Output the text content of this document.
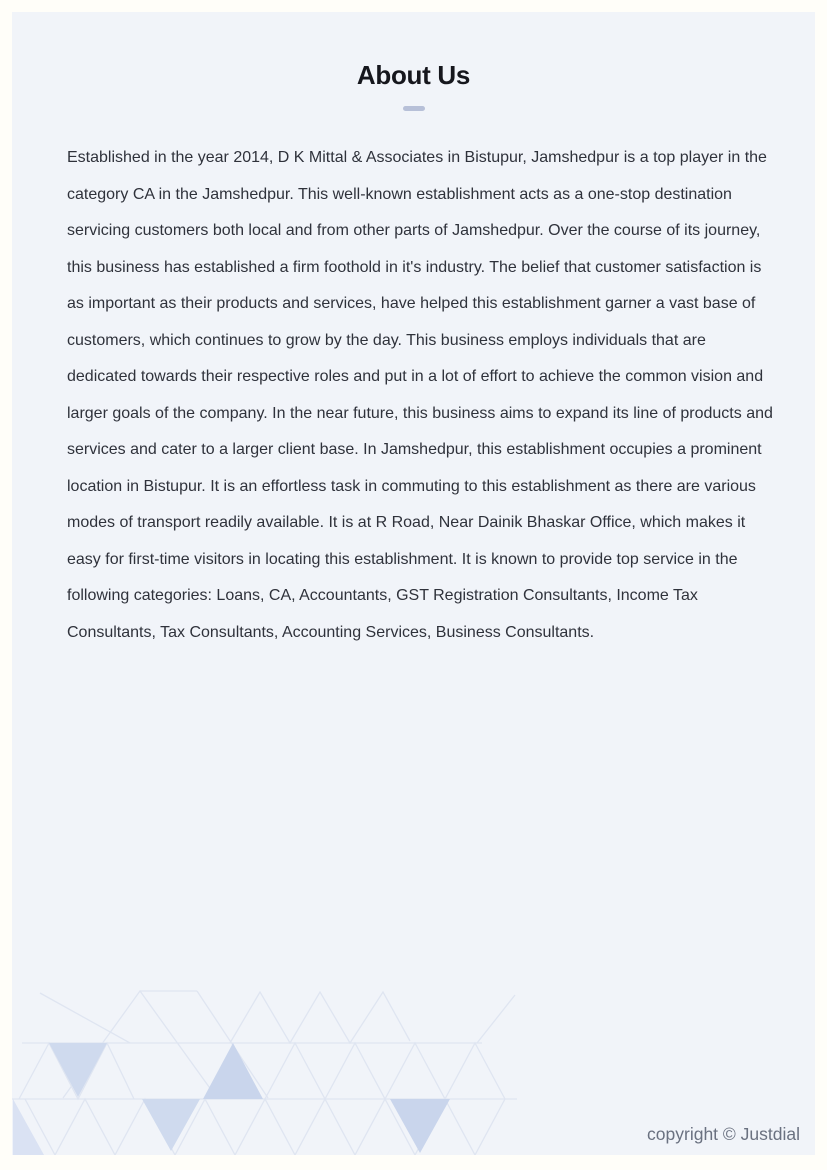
About Us

Established in the year 2014, D K Mittal & Associates in Bistupur, Jamshedpur is a top player in the category CA in the Jamshedpur. This well-known establishment acts as a one-stop destination servicing customers both local and from other parts of Jamshedpur. Over the course of its journey, this business has established a firm foothold in it's industry. The belief that customer satisfaction is as important as their products and services, have helped this establishment garner a vast base of customers, which continues to grow by the day. This business employs individuals that are dedicated towards their respective roles and put in a lot of effort to achieve the common vision and larger goals of the company. In the near future, this business aims to expand its line of products and services and cater to a larger client base. In Jamshedpur, this establishment occupies a prominent location in Bistupur. It is an effortless task in commuting to this establishment as there are various modes of transport readily available. It is at R Road, Near Dainik Bhaskar Office, which makes it easy for first-time visitors in locating this establishment. It is known to provide top service in the following categories: Loans, CA, Accountants, GST Registration Consultants, Income Tax Consultants, Tax Consultants, Accounting Services, Business Consultants.

copyright © Justdial
